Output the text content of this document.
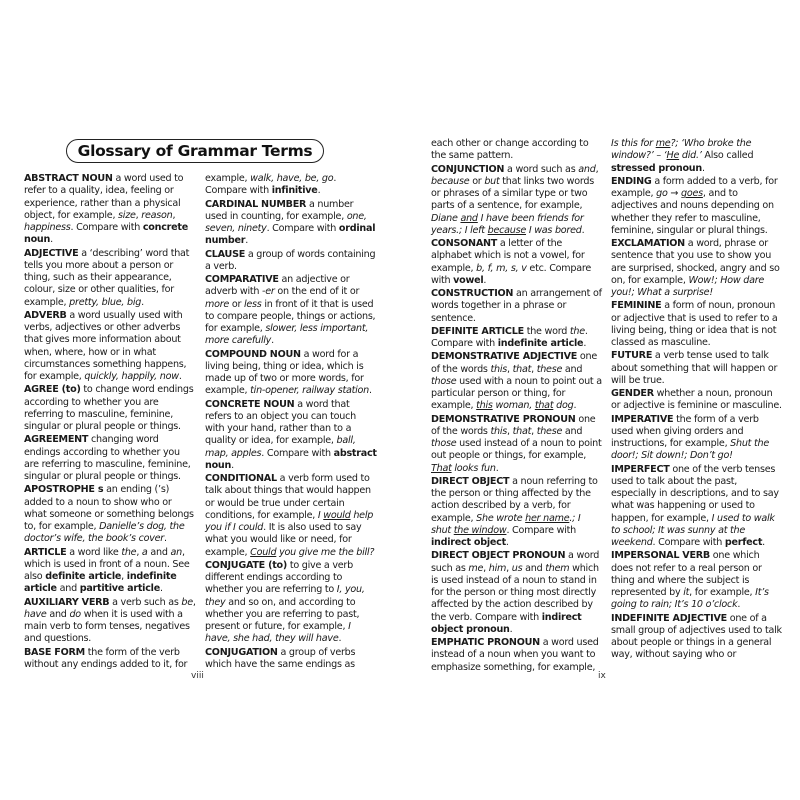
Glossary of Grammar Terms

ABSTRACT NOUN a word used to refer to a quality, idea, feeling or experience, rather than a physical object, for example, size, reason, happiness. Compare with concrete noun.

ADJECTIVE a ‘describing’ word that tells you more about a person or thing, such as their appearance, colour, size or other qualities, for example, pretty, blue, big.

ADVERB a word usually used with verbs, adjectives or other adverbs that gives more information about when, where, how or in what circumstances something happens, for example, quickly, happily, now.

AGREE (to) to change word endings according to whether you are referring to masculine, feminine, singular or plural people or things.

AGREEMENT changing word endings according to whether you are referring to masculine, feminine, singular or plural people or things.

APOSTROPHE s an ending (’s) added to a noun to show who or what someone or something belongs to, for example, Danielle’s dog, the doctor’s wife, the book’s cover.

ARTICLE a word like the, a and an, which is used in front of a noun. See also definite article, indefinite article and partitive article.

AUXILIARY VERB a verb such as be, have and do when it is used with a main verb to form tenses, negatives and questions.

BASE FORM the form of the verb without any endings added to it, for

example, walk, have, be, go. Compare with infinitive.

CARDINAL NUMBER a number used in counting, for example, one, seven, ninety. Compare with ordinal number.

CLAUSE a group of words containing a verb.

COMPARATIVE an adjective or adverb with -er on the end of it or more or less in front of it that is used to compare people, things or actions, for example, slower, less important, more carefully.

COMPOUND NOUN a word for a living being, thing or idea, which is made up of two or more words, for example, tin-opener, railway station.

CONCRETE NOUN a word that refers to an object you can touch with your hand, rather than to a quality or idea, for example, ball, map, apples. Compare with abstract noun.

CONDITIONAL a verb form used to talk about things that would happen or would be true under certain conditions, for example, I would help you if I could. It is also used to say what you would like or need, for example, Could you give me the bill?

CONJUGATE (to) to give a verb different endings according to whether you are referring to I, you, they and so on, and according to whether you are referring to past, present or future, for example, I have, she had, they will have.

CONJUGATION a group of verbs which have the same endings as

each other or change according to the same pattern.

CONJUNCTION a word such as and, because or but that links two words or phrases of a similar type or two parts of a sentence, for example, Diane and I have been friends for years.; I left because I was bored.

CONSONANT a letter of the alphabet which is not a vowel, for example, b, f, m, s, v etc. Compare with vowel.

CONSTRUCTION an arrangement of words together in a phrase or sentence.

DEFINITE ARTICLE the word the. Compare with indefinite article.

DEMONSTRATIVE ADJECTIVE one of the words this, that, these and those used with a noun to point out a particular person or thing, for example, this woman, that dog.

DEMONSTRATIVE PRONOUN one of the words this, that, these and those used instead of a noun to point out people or things, for example, That looks fun.

DIRECT OBJECT a noun referring to the person or thing affected by the action described by a verb, for example, She wrote her name.; I shut the window. Compare with indirect object.

DIRECT OBJECT PRONOUN a word such as me, him, us and them which is used instead of a noun to stand in for the person or thing most directly affected by the action described by the verb. Compare with indirect object pronoun.

EMPHATIC PRONOUN a word used instead of a noun when you want to emphasize something, for example,

Is this for me?; ‘Who broke the window?’ – ‘He did.’ Also called stressed pronoun.

ENDING a form added to a verb, for example, go → goes, and to adjectives and nouns depending on whether they refer to masculine, feminine, singular or plural things.

EXCLAMATION a word, phrase or sentence that you use to show you are surprised, shocked, angry and so on, for example, Wow!; How dare you!; What a surprise!

FEMININE a form of noun, pronoun or adjective that is used to refer to a living being, thing or idea that is not classed as masculine.

FUTURE a verb tense used to talk about something that will happen or will be true.

GENDER whether a noun, pronoun or adjective is feminine or masculine.

IMPERATIVE the form of a verb used when giving orders and instructions, for example, Shut the door!; Sit down!; Don’t go!

IMPERFECT one of the verb tenses used to talk about the past, especially in descriptions, and to say what was happening or used to happen, for example, I used to walk to school; It was sunny at the weekend. Compare with perfect.

IMPERSONAL VERB one which does not refer to a real person or thing and where the subject is represented by it, for example, It’s going to rain; It’s 10 o’clock.

INDEFINITE ADJECTIVE one of a small group of adjectives used to talk about people or things in a general way, without saying who or

viii	ix
